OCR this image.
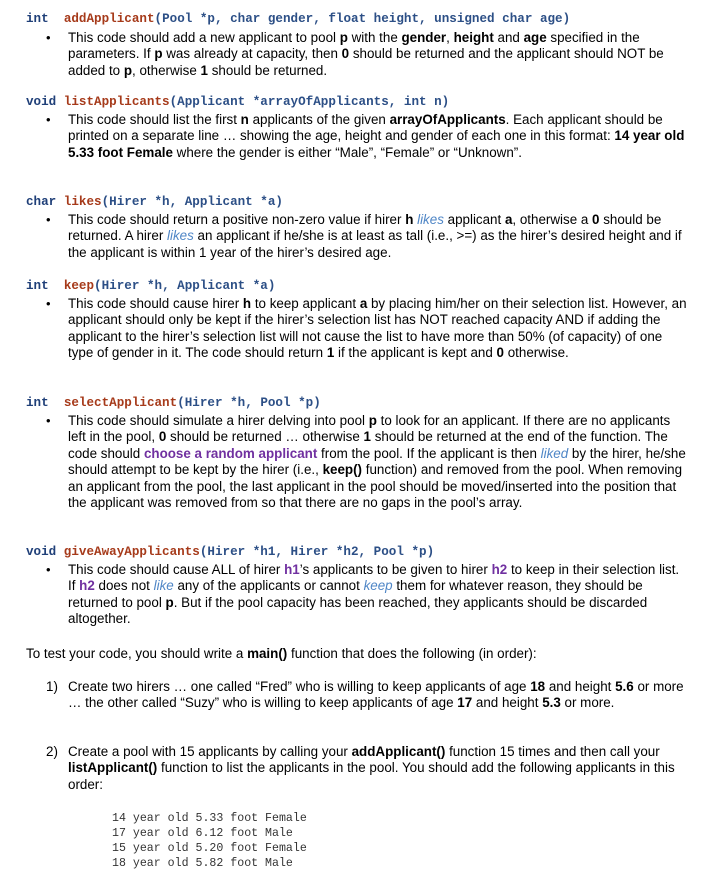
int addApplicant(Pool *p, char gender, float height, unsigned char age)
•	This code should add a new applicant to pool p with the gender, height and age specified in the parameters. If p was already at capacity, then 0 should be returned and the applicant should NOT be added to p, otherwise 1 should be returned.
void listApplicants(Applicant *arrayOfApplicants, int n)
•	This code should list the first n applicants of the given arrayOfApplicants. Each applicant should be printed on a separate line … showing the age, height and gender of each one in this format: 14 year old 5.33 foot Female where the gender is either “Male”, “Female” or “Unknown”.
char likes(Hirer *h, Applicant *a)
•	This code should return a positive non-zero value if hirer h likes applicant a, otherwise a 0 should be returned. A hirer likes an applicant if he/she is at least as tall (i.e., >=) as the hirer’s desired height and if the applicant is within 1 year of the hirer’s desired age.
int keep(Hirer *h, Applicant *a)
•	This code should cause hirer h to keep applicant a by placing him/her on their selection list. However, an applicant should only be kept if the hirer’s selection list has NOT reached capacity AND if adding the applicant to the hirer’s selection list will not cause the list to have more than 50% (of capacity) of one type of gender in it. The code should return 1 if the applicant is kept and 0 otherwise.
int selectApplicant(Hirer *h, Pool *p)
•	This code should simulate a hirer delving into pool p to look for an applicant. If there are no applicants left in the pool, 0 should be returned … otherwise 1 should be returned at the end of the function. The code should choose a random applicant from the pool. If the applicant is then liked by the hirer, he/she should attempt to be kept by the hirer (i.e., keep() function) and removed from the pool. When removing an applicant from the pool, the last applicant in the pool should be moved/inserted into the position that the applicant was removed from so that there are no gaps in the pool’s array.
void giveAwayApplicants(Hirer *h1, Hirer *h2, Pool *p)
•	This code should cause ALL of hirer h1’s applicants to be given to hirer h2 to keep in their selection list. If h2 does not like any of the applicants or cannot keep them for whatever reason, they should be returned to pool p. But if the pool capacity has been reached, they applicants should be discarded altogether.
To test your code, you should write a main() function that does the following (in order):
1) Create two hirers … one called “Fred” who is willing to keep applicants of age 18 and height 5.6 or more … the other called “Suzy” who is willing to keep applicants of age 17 and height 5.3 or more.
2) Create a pool with 15 applicants by calling your addApplicant() function 15 times and then call your listApplicant() function to list the applicants in the pool. You should add the following applicants in this order:
14 year old 5.33 foot Female
17 year old 6.12 foot Male
15 year old 5.20 foot Female
18 year old 5.82 foot Male
